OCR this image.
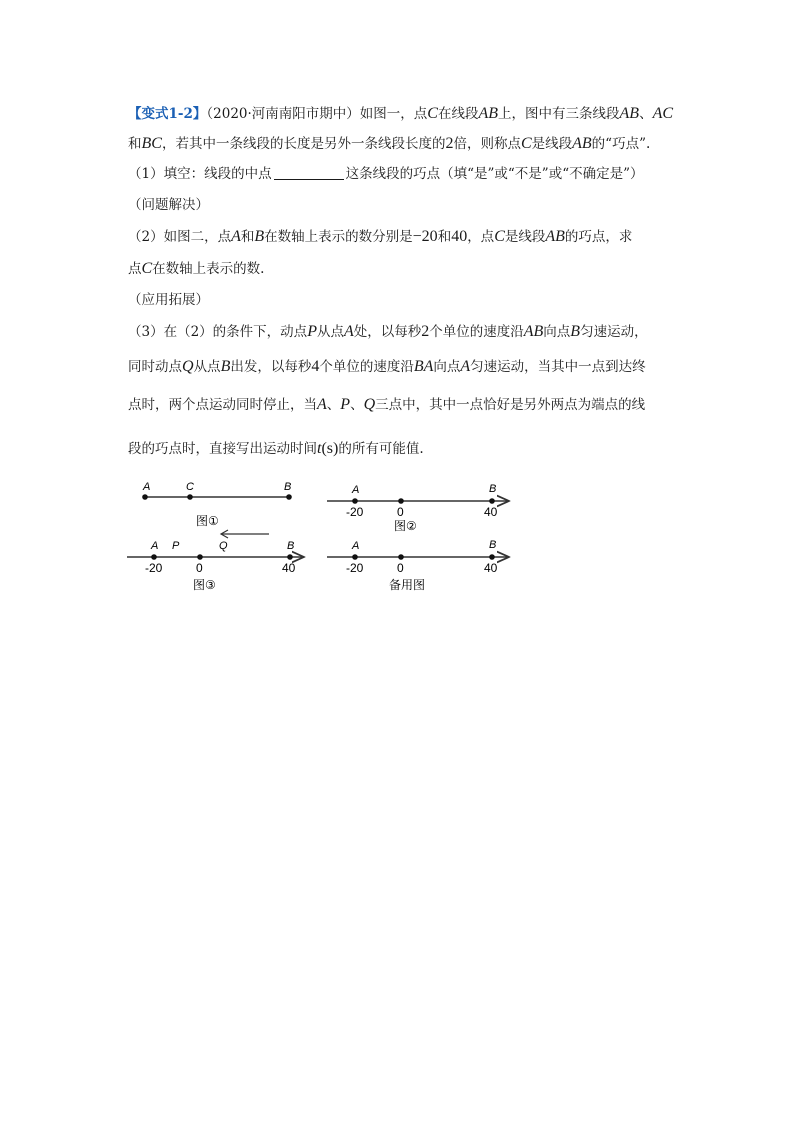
【变式1-2】（2020·河南南阳市期中）如图一，点C在线段AB上，图中有三条线段AB、AC
和BC，若其中一条线段的长度是另外一条线段长度的2倍，则称点C是线段AB的“巧点”.
（1）填空：线段的中点	这条线段的巧点（填“是”或“不是”或“不确定是”）
（问题解决）
（2）如图二，点A和B在数轴上表示的数分别是−20和40，点C是线段AB的巧点，求
点C在数轴上表示的数.
（应用拓展）
（3）在（2）的条件下，动点P从点A处，以每秒2个单位的速度沿AB向点B匀速运动，
同时动点Q从点B出发，以每秒4个单位的速度沿BA向点A匀速运动，当其中一点到达终
点时，两个点运动同时停止，当A、P、Q三点中，其中一点恰好是另外两点为端点的线
段的巧点时，直接写出运动时间t(s)的所有可能值.
A	C	B
图①
A	B
-20	0	40
图②
A P	Q	B
-20	0	40
图③
A	B
-20	0	40
备用图
